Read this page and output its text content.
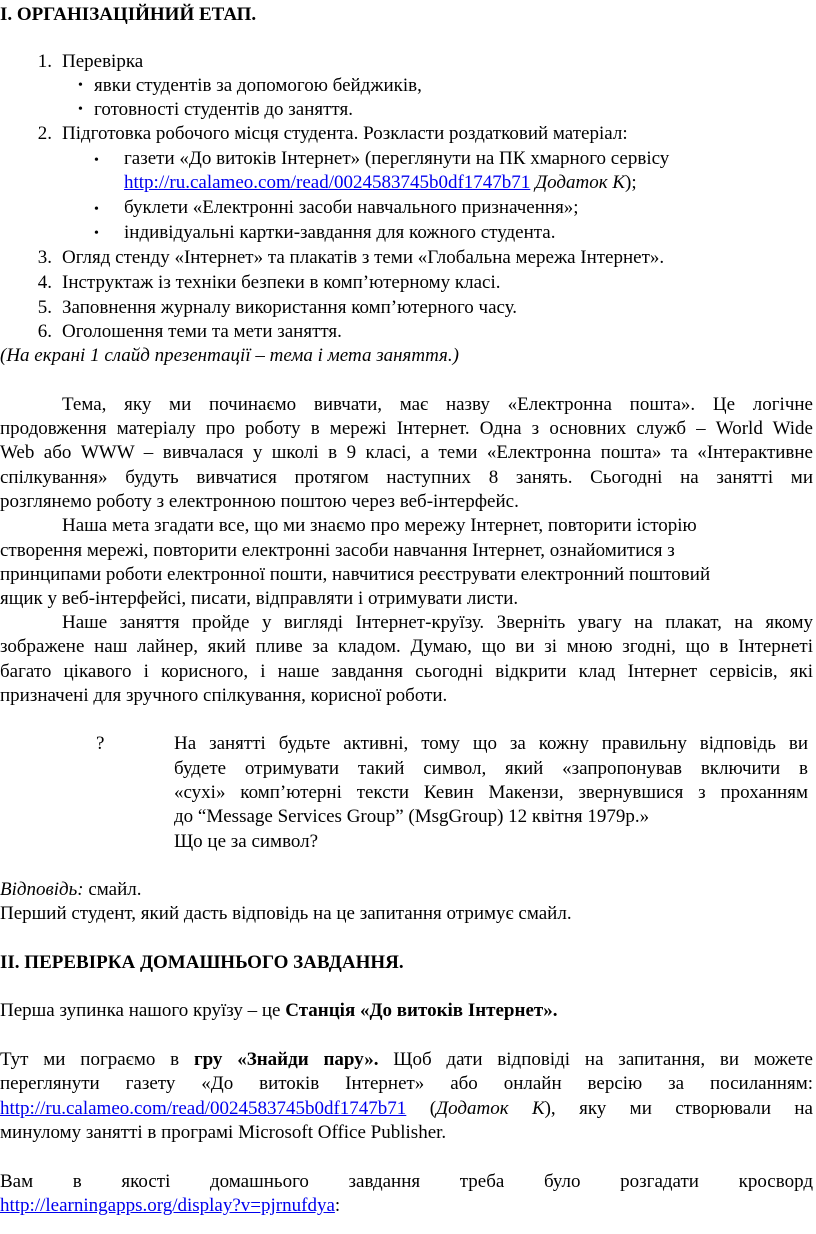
I. ОРГАНІЗАЦІЙНИЙ ЕТАП.
1. Перевірка
• явки студентів за допомогою бейджиків,
• готовності студентів до заняття.
2. Підготовка робочого місця студента. Розкласти роздатковий матеріал:
• газети «До витоків Інтернет» (переглянути на ПК хмарного сервісу
http://ru.calameo.com/read/0024583745b0df1747b71 Додаток К);
• буклети «Електронні засоби навчального призначення»;
• індивідуальні картки-завдання для кожного студента.
3. Огляд стенду «Інтернет» та плакатів з теми «Глобальна мережа Інтернет».
4. Інструктаж із техніки безпеки в комп’ютерному класі.
5. Заповнення журналу використання комп’ютерного часу.
6. Оголошення теми та мети заняття.
(На екрані 1 слайд презентації – тема і мета заняття.)
Тема, яку ми починаємо вивчати, має назву «Електронна пошта». Це логічне
продовження матеріалу про роботу в мережі Інтернет. Одна з основних служб – World Wide
Web або WWW – вивчалася у школі в 9 класі, а теми «Електронна пошта» та «Інтерактивне
спілкування» будуть вивчатися протягом наступних 8 занять. Сьогодні на занятті ми
розглянемо роботу з електронною поштою через веб-інтерфейс.
Наша мета згадати все, що ми знаємо про мережу Інтернет, повторити історію
створення мережі, повторити електронні засоби навчання Інтернет, ознайомитися з
принципами роботи електронної пошти, навчитися реєструвати електронний поштовий
ящик у веб-інтерфейсі, писати, відправляти і отримувати листи.
Наше заняття пройде у вигляді Інтернет-круїзу. Зверніть увагу на плакат, на якому
зображене наш лайнер, який пливе за кладом. Думаю, що ви зі мною згодні, що в Інтернеті
багато цікавого і корисного, і наше завдання сьогодні відкрити клад Інтернет сервісів, які
призначені для зручного спілкування, корисної роботи.
?	На занятті будьте активні, тому що за кожну правильну відповідь ви
будете отримувати такий символ, який «запропонував включити в
«сухі» комп’ютерні тексти Кевин Макензи, звернувшися з проханням
до “Message Services Group” (MsgGroup) 12 квітня 1979р.»
Що це за символ?
Відповідь: смайл.
Перший студент, який дасть відповідь на це запитання отримує смайл.
II. ПЕРЕВІРКА ДОМАШНЬОГО ЗАВДАННЯ.
Перша зупинка нашого круїзу – це Станція «До витоків Інтернет».
Тут ми пограємо в гру «Знайди пару». Щоб дати відповіді на запитання, ви можете
переглянути газету «До витоків Інтернет» або онлайн версію за посиланням:
http://ru.calameo.com/read/0024583745b0df1747b71 (Додаток К), яку ми створювали на
минулому занятті в програмі Microsoft Office Publisher.
Вам в якості домашнього завдання треба було розгадати кросворд
http://learningapps.org/display?v=pjrnufdya:
